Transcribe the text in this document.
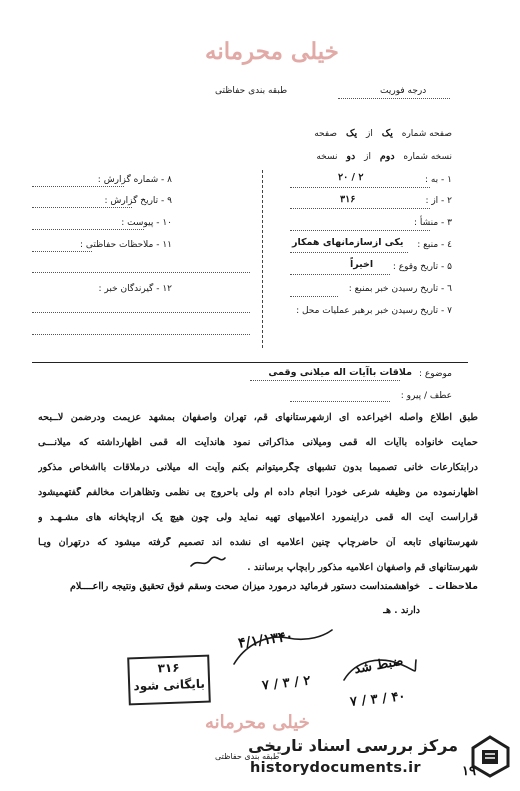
خیلی محرمانه
طبقه بندی حفاظتی	درجه فوریت
صفحه شماره یک از یک صفحه
نسخه شماره دوم از دو نسخه
۸ - شماره گزارش :
۹ - تاریخ گزارش :
۱۰ - پیوست :
۱۱ - ملاحظات حفاظتی :
۱۲ - گیرندگان خبر :
۱ - به :
۲ / ۲۰
۲ - از :
۳۱۶
۳ - منشأ :
٤ - منبع :
یکی ازسازمانهای همکار
۵ - تاریخ وقوع :
اخیراً
٦ - تاریخ رسیدن خبر بمنبع :
۷ - تاریخ رسیدن خبر برهبر عملیات محل :
موضوع :
ملاقات باآیات اله میلانی وقمی
عطف / پیرو :
طبق اطلاع واصله اخیراعده ای ازشهرستانهای قم، تهران واصفهان بمشهد عزیمت ودرضمن لاــبحه
حمایت خانواده باآیات اله قمی ومیلانی مذاکراتی نمود هاندآیت اله قمی اظهارداشته که میلانـــی
درابتکارعات خانی تصمیما بدون تشبهای چگرمیتوانم بکنم وآیت اله میلانی درملاقات بااشخاص مذکور
اظهارنموده من وظیفه شرعی خودرا انجام داده ام ولی باحروج بی نظمی وتظاهرات مخالفم گفتهمیشود
قراراست آیت اله قمی دراینمورد اعلامیهای تهیه نماید ولی چون هیچ یک ازچاپخانه های مشـهـد و
شهرستانهای تابعه آن حاضرچاپ چنین اعلامیه ای نشده اند تصمیم گرفته میشود که درتهران ویـا
شهرستانهای قم واصفهان اعلامیه مذکور رابچاپ برسانند .
ملاحظات ـ
خواهشمنداست دستور فرمائید درمورد میزان صحت وسقم فوق تحقیق ونتیجه رااعــــلام
دارند . هـ
۳۱۶
بایگانی شود
۴/۱/۱۳۴۰
۷ / ۳ / ۲
ضبط شد
۷ / ۳ / ۴۰
خیلی محرمانه
طبقه بندی حفاظتی
مرکز بررسی اسناد تاریخی
historydocuments.ir	۱۹
